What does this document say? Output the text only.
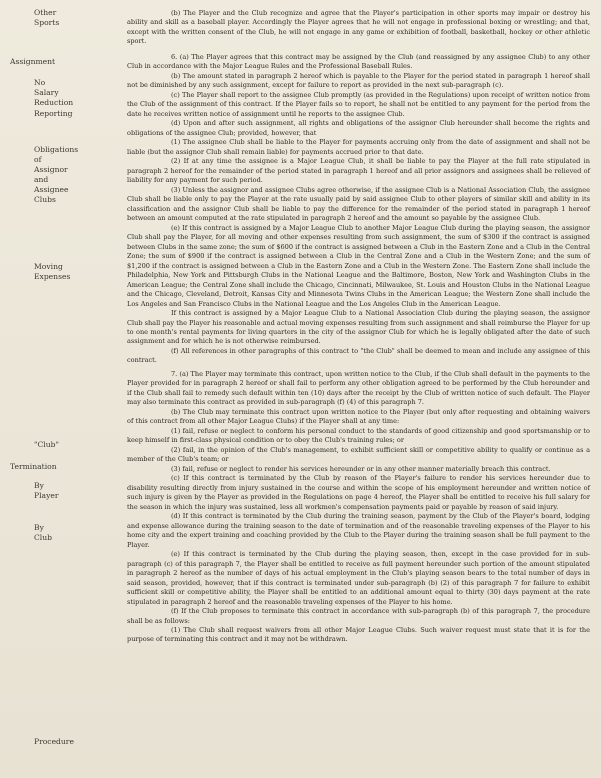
Other
Sports
Assignment
No
Salary
Reduction
Reporting
Obligations
of
Assignor
and
Assignee
Clubs
Moving
Expenses
"Club"
Termination
By
Player
By
Club
Procedure

(b) The Player and the Club recognize and agree that the Player's participation in other sports may impair or destroy his ability and skill as a baseball player. Accordingly the Player agrees that he will not engage in professional boxing or wrestling; and that, except with the written consent of the Club, he will not engage in any game or exhibition of football, basketball, hockey or other athletic sport.

6. (a) The Player agrees that this contract may be assigned by the Club (and reassigned by any assignee Club) to any other Club in accordance with the Major League Rules and the Professional Baseball Rules.

(b) The amount stated in paragraph 2 hereof which is payable to the Player for the period stated in paragraph 1 hereof shall not be diminished by any such assignment, except for failure to report as provided in the next sub-paragraph (c).

(c) The Player shall report to the assignee Club promptly (as provided in the Regulations) upon receipt of written notice from the Club of the assignment of this contract. If the Player fails so to report, he shall not be entitled to any payment for the period from the date he receives written notice of assignment until he reports to the assignee Club.

(d) Upon and after such assignment, all rights and obligations of the assignor Club hereunder shall become the rights and obligations of the assignee Club; provided, however, that

(1) The assignee Club shall be liable to the Player for payments accruing only from the date of assignment and shall not be liable (but the assignor Club shall remain liable) for payments accrued prior to that date.

(2) If at any time the assignee is a Major League Club, it shall be liable to pay the Player at the full rate stipulated in paragraph 2 hereof for the remainder of the period stated in paragraph 1 hereof and all prior assignors and assignees shall be relieved of liability for any payment for such period.

(3) Unless the assignor and assignee Clubs agree otherwise, if the assignee Club is a National Association Club, the assignee Club shall be liable only to pay the Player at the rate usually paid by said assignee Club to other players of similar skill and ability in its classification and the assignor Club shall be liable to pay the difference for the remainder of the period stated in paragraph 1 hereof between an amount computed at the rate stipulated in paragraph 2 hereof and the amount so payable by the assignee Club.

(e) If this contract is assigned by a Major League Club to another Major League Club during the playing season, the assignor Club shall pay the Player, for all moving and other expenses resulting from such assignment, the sum of $300 if the contract is assigned between Clubs in the same zone; the sum of $600 if the contract is assigned between a Club in the Eastern Zone and a Club in the Central Zone; the sum of $900 if the contract is assigned between a Club in the Central Zone and a Club in the Western Zone; and the sum of $1,200 if the contract is assigned between a Club in the Eastern Zone and a Club in the Western Zone. The Eastern Zone shall include the Philadelphia, New York and Pittsburgh Clubs in the National League and the Baltimore, Boston, New York and Washington Clubs in the American League; the Central Zone shall include the Chicago, Cincinnati, Milwaukee, St. Louis and Houston Clubs in the National League and the Chicago, Cleveland, Detroit, Kansas City and Minnesota Twins Clubs in the American League; the Western Zone shall include the Los Angeles and San Francisco Clubs in the National League and the Los Angeles Club in the American League.

If this contract is assigned by a Major League Club to a National Association Club during the playing season, the assignor Club shall pay the Player his reasonable and actual moving expenses resulting from such assignment and shall reimburse the Player for up to one month's rental payments for living quarters in the city of the assignor Club for which he is legally obligated after the date of such assignment and for which he is not otherwise reimbursed.

(f) All references in other paragraphs of this contract to "the Club" shall be deemed to mean and include any assignee of this contract.

7. (a) The Player may terminate this contract, upon written notice to the Club, if the Club shall default in the payments to the Player provided for in paragraph 2 hereof or shall fail to perform any other obligation agreed to be performed by the Club hereunder and if the Club shall fail to remedy such default within ten (10) days after the receipt by the Club of written notice of such default. The Player may also terminate this contract as provided in sub-paragraph (f) (4) of this paragraph 7.

(b) The Club may terminate this contract upon written notice to the Player (but only after requesting and obtaining waivers of this contract from all other Major League Clubs) if the Player shall at any time:

(1) fail, refuse or neglect to conform his personal conduct to the standards of good citizenship and good sportsmanship or to keep himself in first-class physical condition or to obey the Club's training rules; or

(2) fail, in the opinion of the Club's management, to exhibit sufficient skill or competitive ability to qualify or continue as a member of the Club's team; or

(3) fail, refuse or neglect to render his services hereunder or in any other manner materially breach this contract.

(c) If this contract is terminated by the Club by reason of the Player's failure to render his services hereunder due to disability resulting directly from injury sustained in the course and within the scope of his employment hereunder and written notice of such injury is given by the Player as provided in the Regulations on page 4 hereof, the Player shall be entitled to receive his full salary for the season in which the injury was sustained, less all workmen's compensation payments paid or payable by reason of said injury.

(d) If this contract is terminated by the Club during the training season, payment by the Club of the Player's board, lodging and expense allowance during the training season to the date of termination and of the reasonable traveling expenses of the Player to his home city and the expert training and coaching provided by the Club to the Player during the training season shall be full payment to the Player.

(e) If this contract is terminated by the Club during the playing season, then, except in the case provided for in sub-paragraph (c) of this paragraph 7, the Player shall be entitled to receive as full payment hereunder such portion of the amount stipulated in paragraph 2 hereof as the number of days of his actual employment in the Club's playing season bears to the total number of days in said season, provided, however, that if this contract is terminated under sub-paragraph (b) (2) of this paragraph 7 for failure to exhibit sufficient skill or competitive ability, the Player shall be entitled to an additional amount equal to thirty (30) days payment at the rate stipulated in paragraph 2 hereof and the reasonable traveling expenses of the Player to his home.

(f) If the Club proposes to terminate this contract in accordance with sub-paragraph (b) of this paragraph 7, the procedure shall be as follows:

(1) The Club shall request waivers from all other Major League Clubs. Such waiver request must state that it is for the purpose of terminating this contract and it may not be withdrawn.
